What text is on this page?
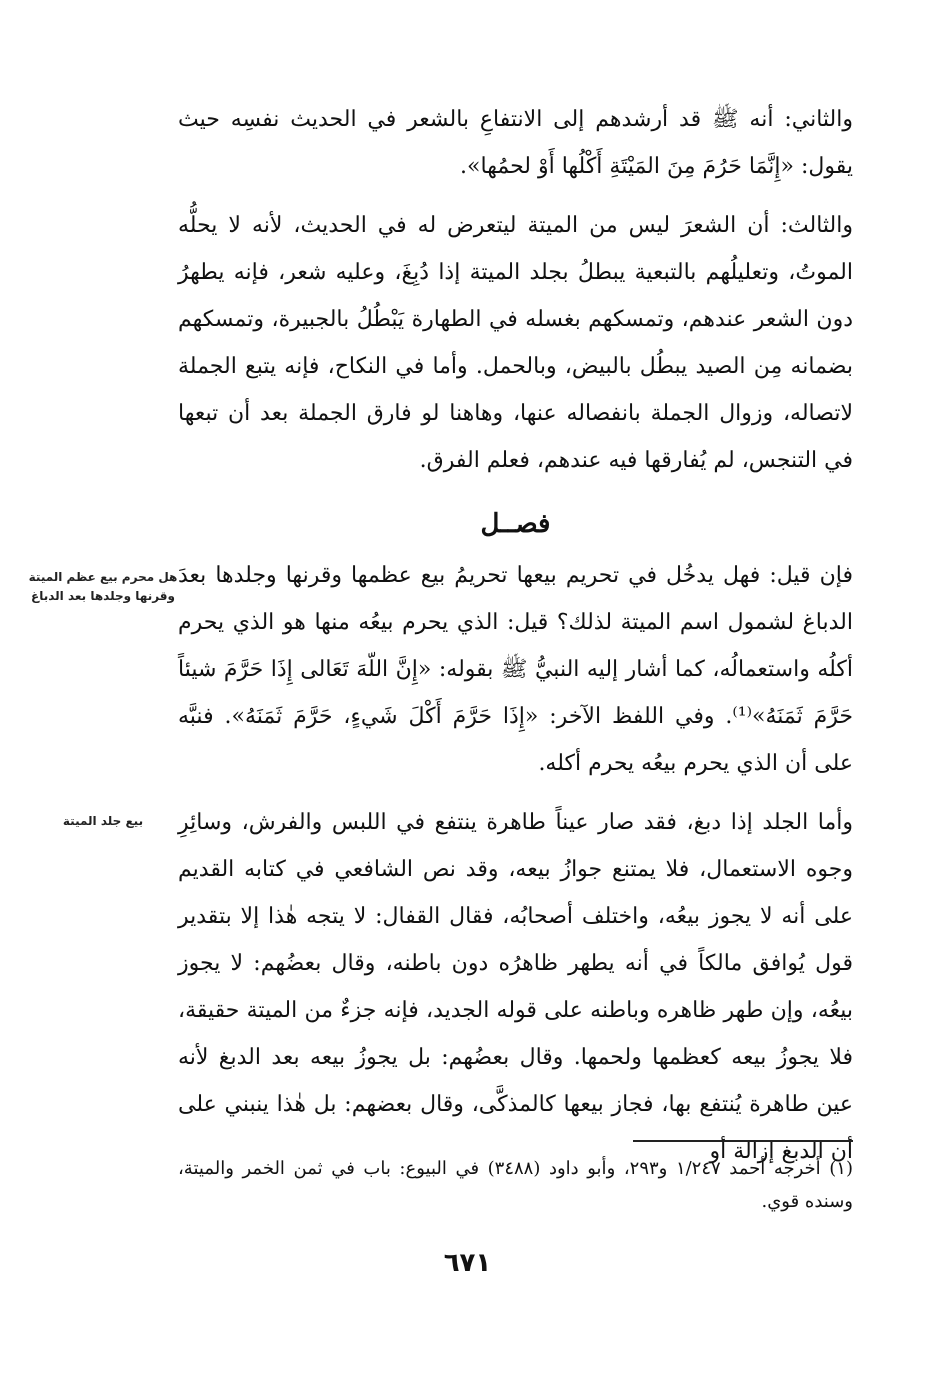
والثاني: أنه ﷺ قد أرشدهم إلى الانتفاعِ بالشعر في الحديث نفسِه حيث يقول: «إِنَّمَا حَرُمَ مِنَ المَيْتَةِ أَكْلُها أَوْ لحمُها».

والثالث: أن الشعرَ ليس من الميتة ليتعرض له في الحديث، لأنه لا يحلُّه الموتُ، وتعليلُهم بالتبعية يبطلُ بجلد الميتة إذا دُبِغَ، وعليه شعر، فإنه يطهرُ دون الشعر عندهم، وتمسكهم بغسله في الطهارة يَبْطُلُ بالجبيرة، وتمسكهم بضمانه مِن الصيد يبطُل بالبيض، وبالحمل. وأما في النكاح، فإنه يتبع الجملة لاتصاله، وزوال الجملة بانفصاله عنها، وهاهنا لو فارق الجملة بعد أن تبعها في التنجس، لم يُفارقها فيه عندهم، فعلم الفرق.

فصــل

فإن قيل: فهل يدخُل في تحريم بيعها تحريمُ بيع عظمها وقرنها وجلدها بعدَ الدباغ لشمول اسم الميتة لذلك؟ قيل: الذي يحرم بيعُه منها هو الذي يحرم أكلُه واستعمالُه، كما أشار إليه النبيُّ ﷺ بقوله: «إِنَّ اللّهَ تَعَالى إِذَا حَرَّمَ شيئاً حَرَّمَ ثَمَنَهُ»⁽¹⁾. وفي اللفظ الآخر: «إِذَا حَرَّمَ أَكْلَ شَيءٍ، حَرَّمَ ثَمَنَهُ». فنبَّه على أن الذي يحرم بيعُه يحرم أكله.

وأما الجلد إذا دبغ، فقد صار عيناً طاهرة ينتفع في اللبس والفرش، وسائِرِ وجوه الاستعمال، فلا يمتنع جوازُ بيعه، وقد نص الشافعي في كتابه القديم على أنه لا يجوز بيعُه، واختلف أصحابُه، فقال القفال: لا يتجه هٰذا إلا بتقدير قول يُوافق مالكاً في أنه يطهر ظاهرُه دون باطنه، وقال بعضُهم: لا يجوز بيعُه، وإن طهر ظاهره وباطنه على قوله الجديد، فإنه جزءٌ من الميتة حقيقة، فلا يجوزُ بيعه كعظمها ولحمها. وقال بعضُهم: بل يجوزُ بيعه بعد الدبغ لأنه عين طاهرة يُنتفع بها، فجاز بيعها كالمذكَّى، وقال بعضهم: بل هٰذا ينبني على أن الدبغ إزالة أو

هل محرم بيع عظم الميتة وقرنها وجلدها بعد الدباغ
بيع جلد الميتة
(١) أخرجه أحمد ١/٢٤٧ و٢٩٣، وأبو داود (٣٤٨٨) في البيوع: باب في ثمن الخمر والميتة، وسنده قوي.
٦٧١
